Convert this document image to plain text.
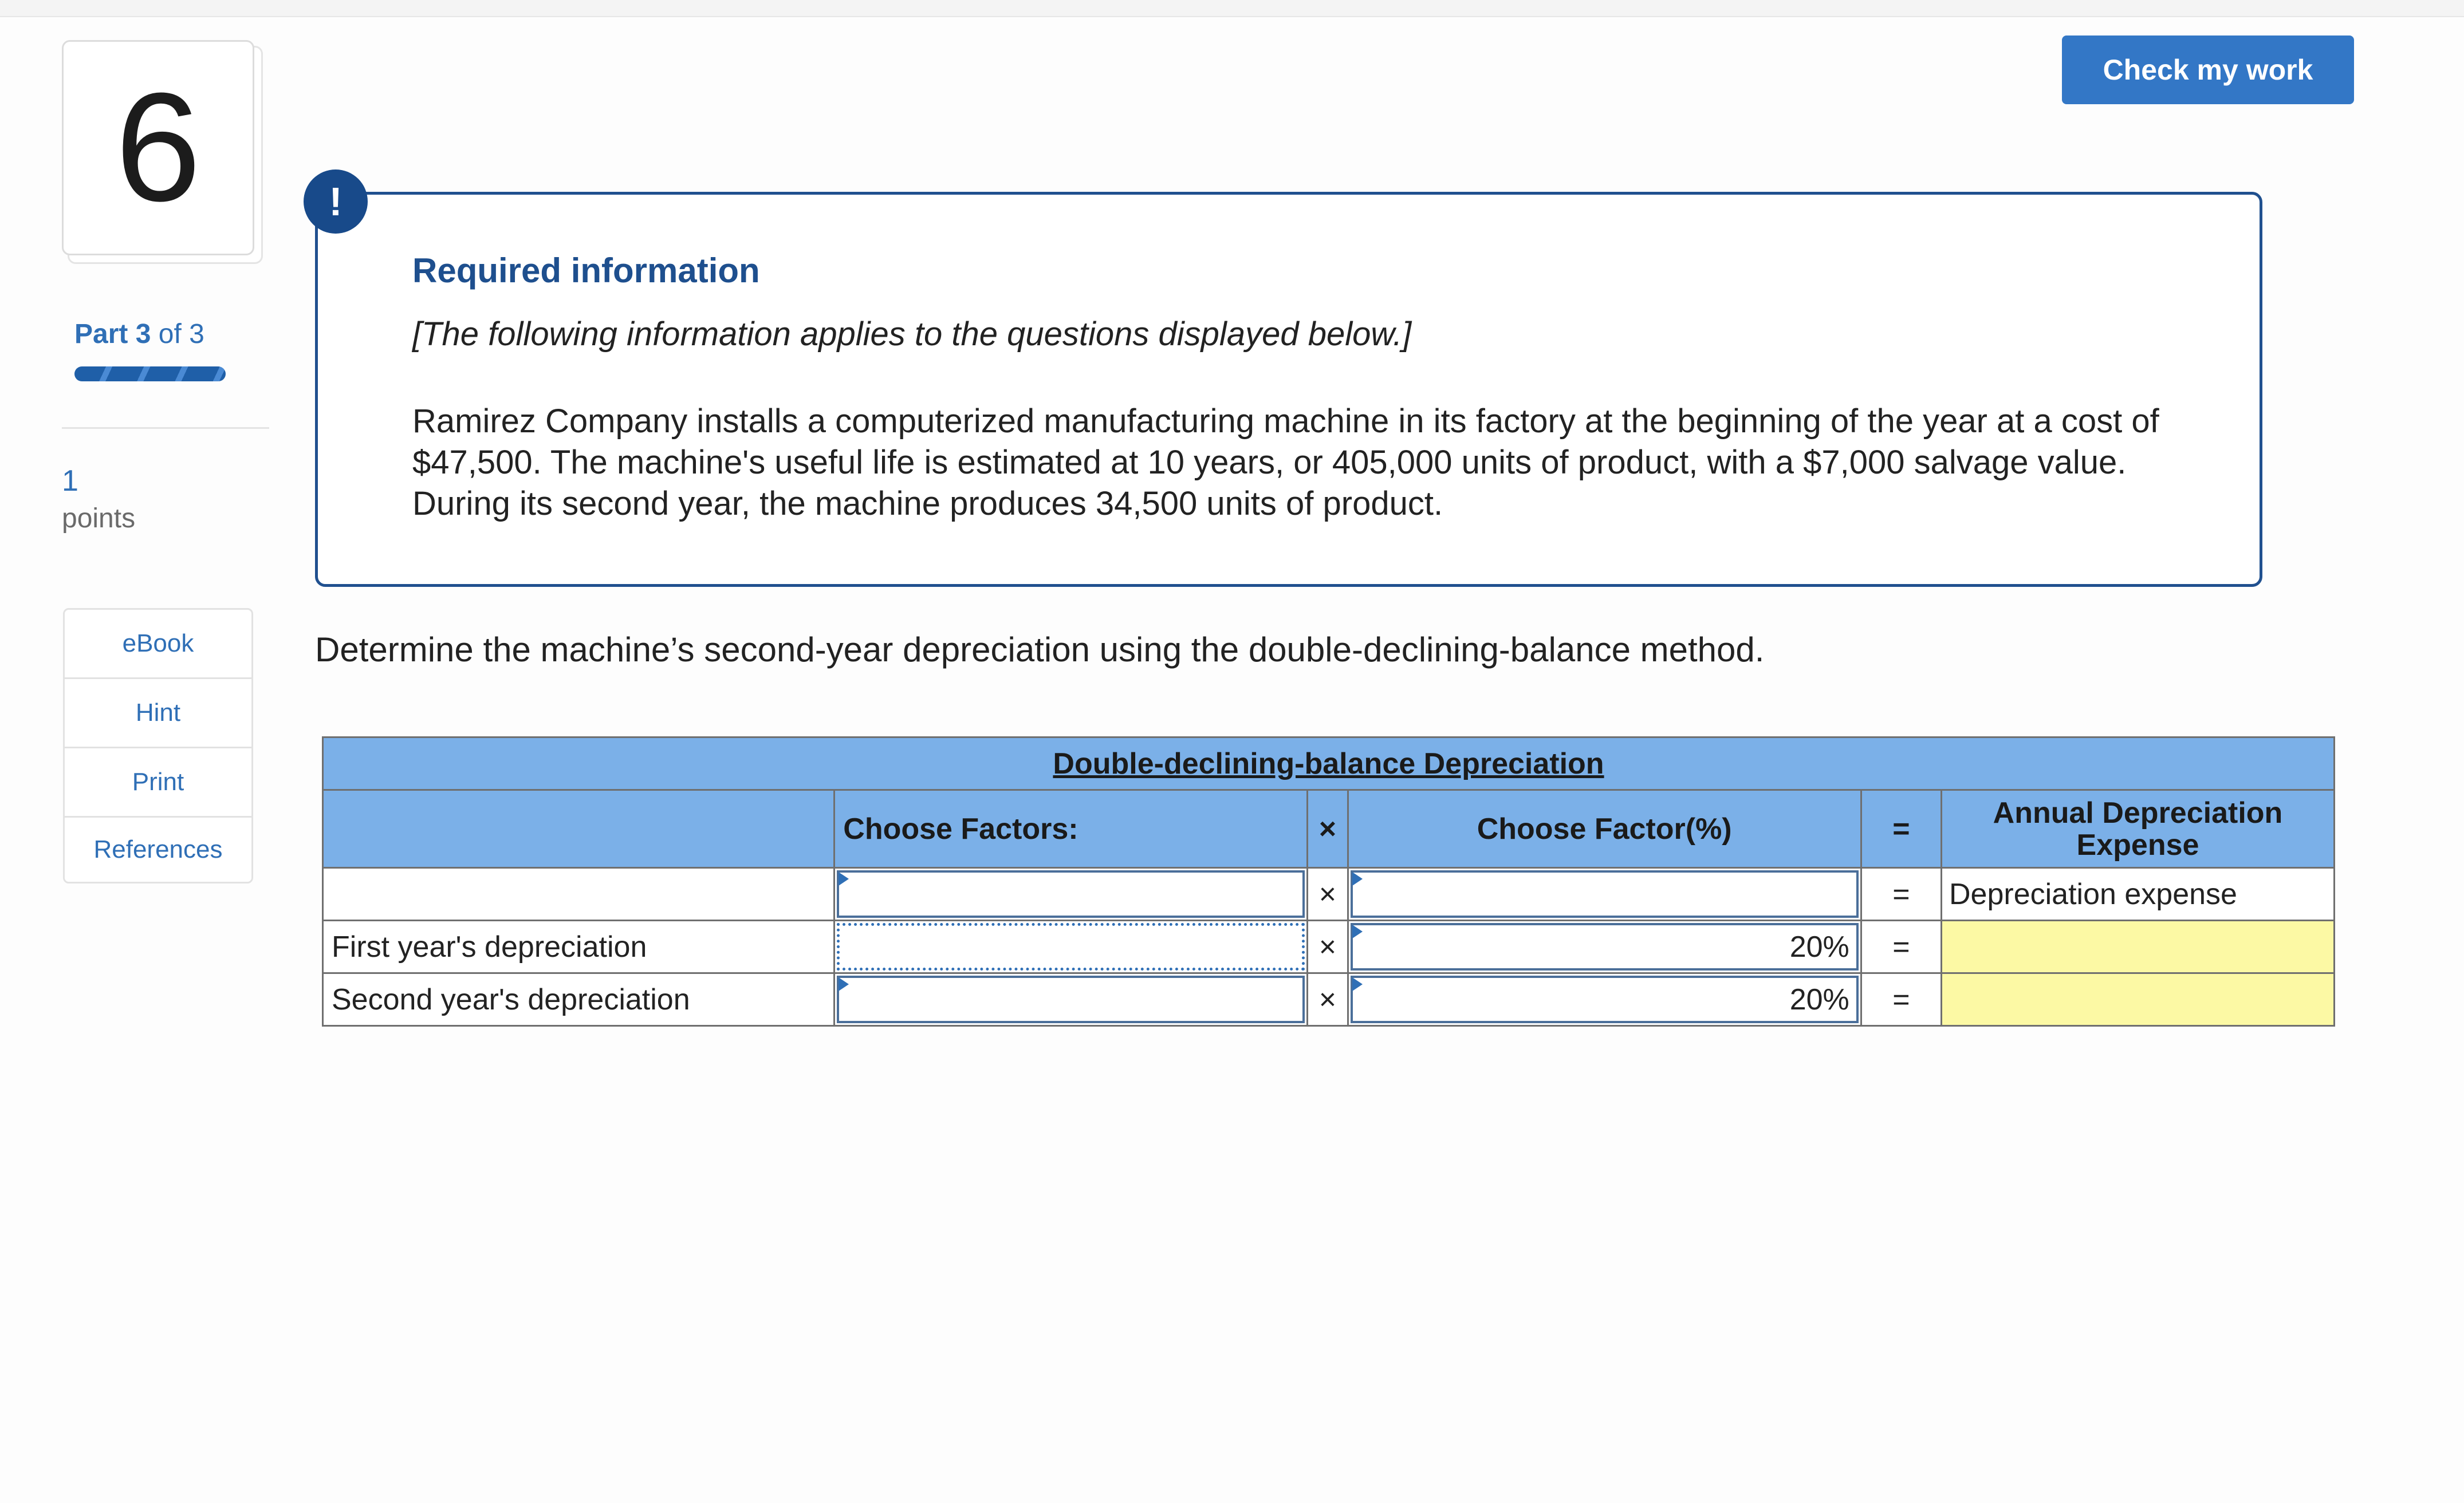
6
Part 3 of 3
1
points
eBook
Hint
Print
References
Check my work
!
Required information
[The following information applies to the questions displayed below.]
Ramirez Company installs a computerized manufacturing machine in its factory at the beginning of the year at a cost of $47,500. The machine's useful life is estimated at 10 years, or 405,000 units of product, with a $7,000 salvage value. During its second year, the machine produces 34,500 units of product.
Determine the machine’s second-year depreciation using the double-declining-balance method.
Double-declining-balance Depreciation					
	Choose Factors:	×	Choose Factor(%)	=	Annual Depreciation Expense

	×		=	Depreciation expense
First year's depreciation		×	20%	=	
Second year's depreciation		×	20%	=	
